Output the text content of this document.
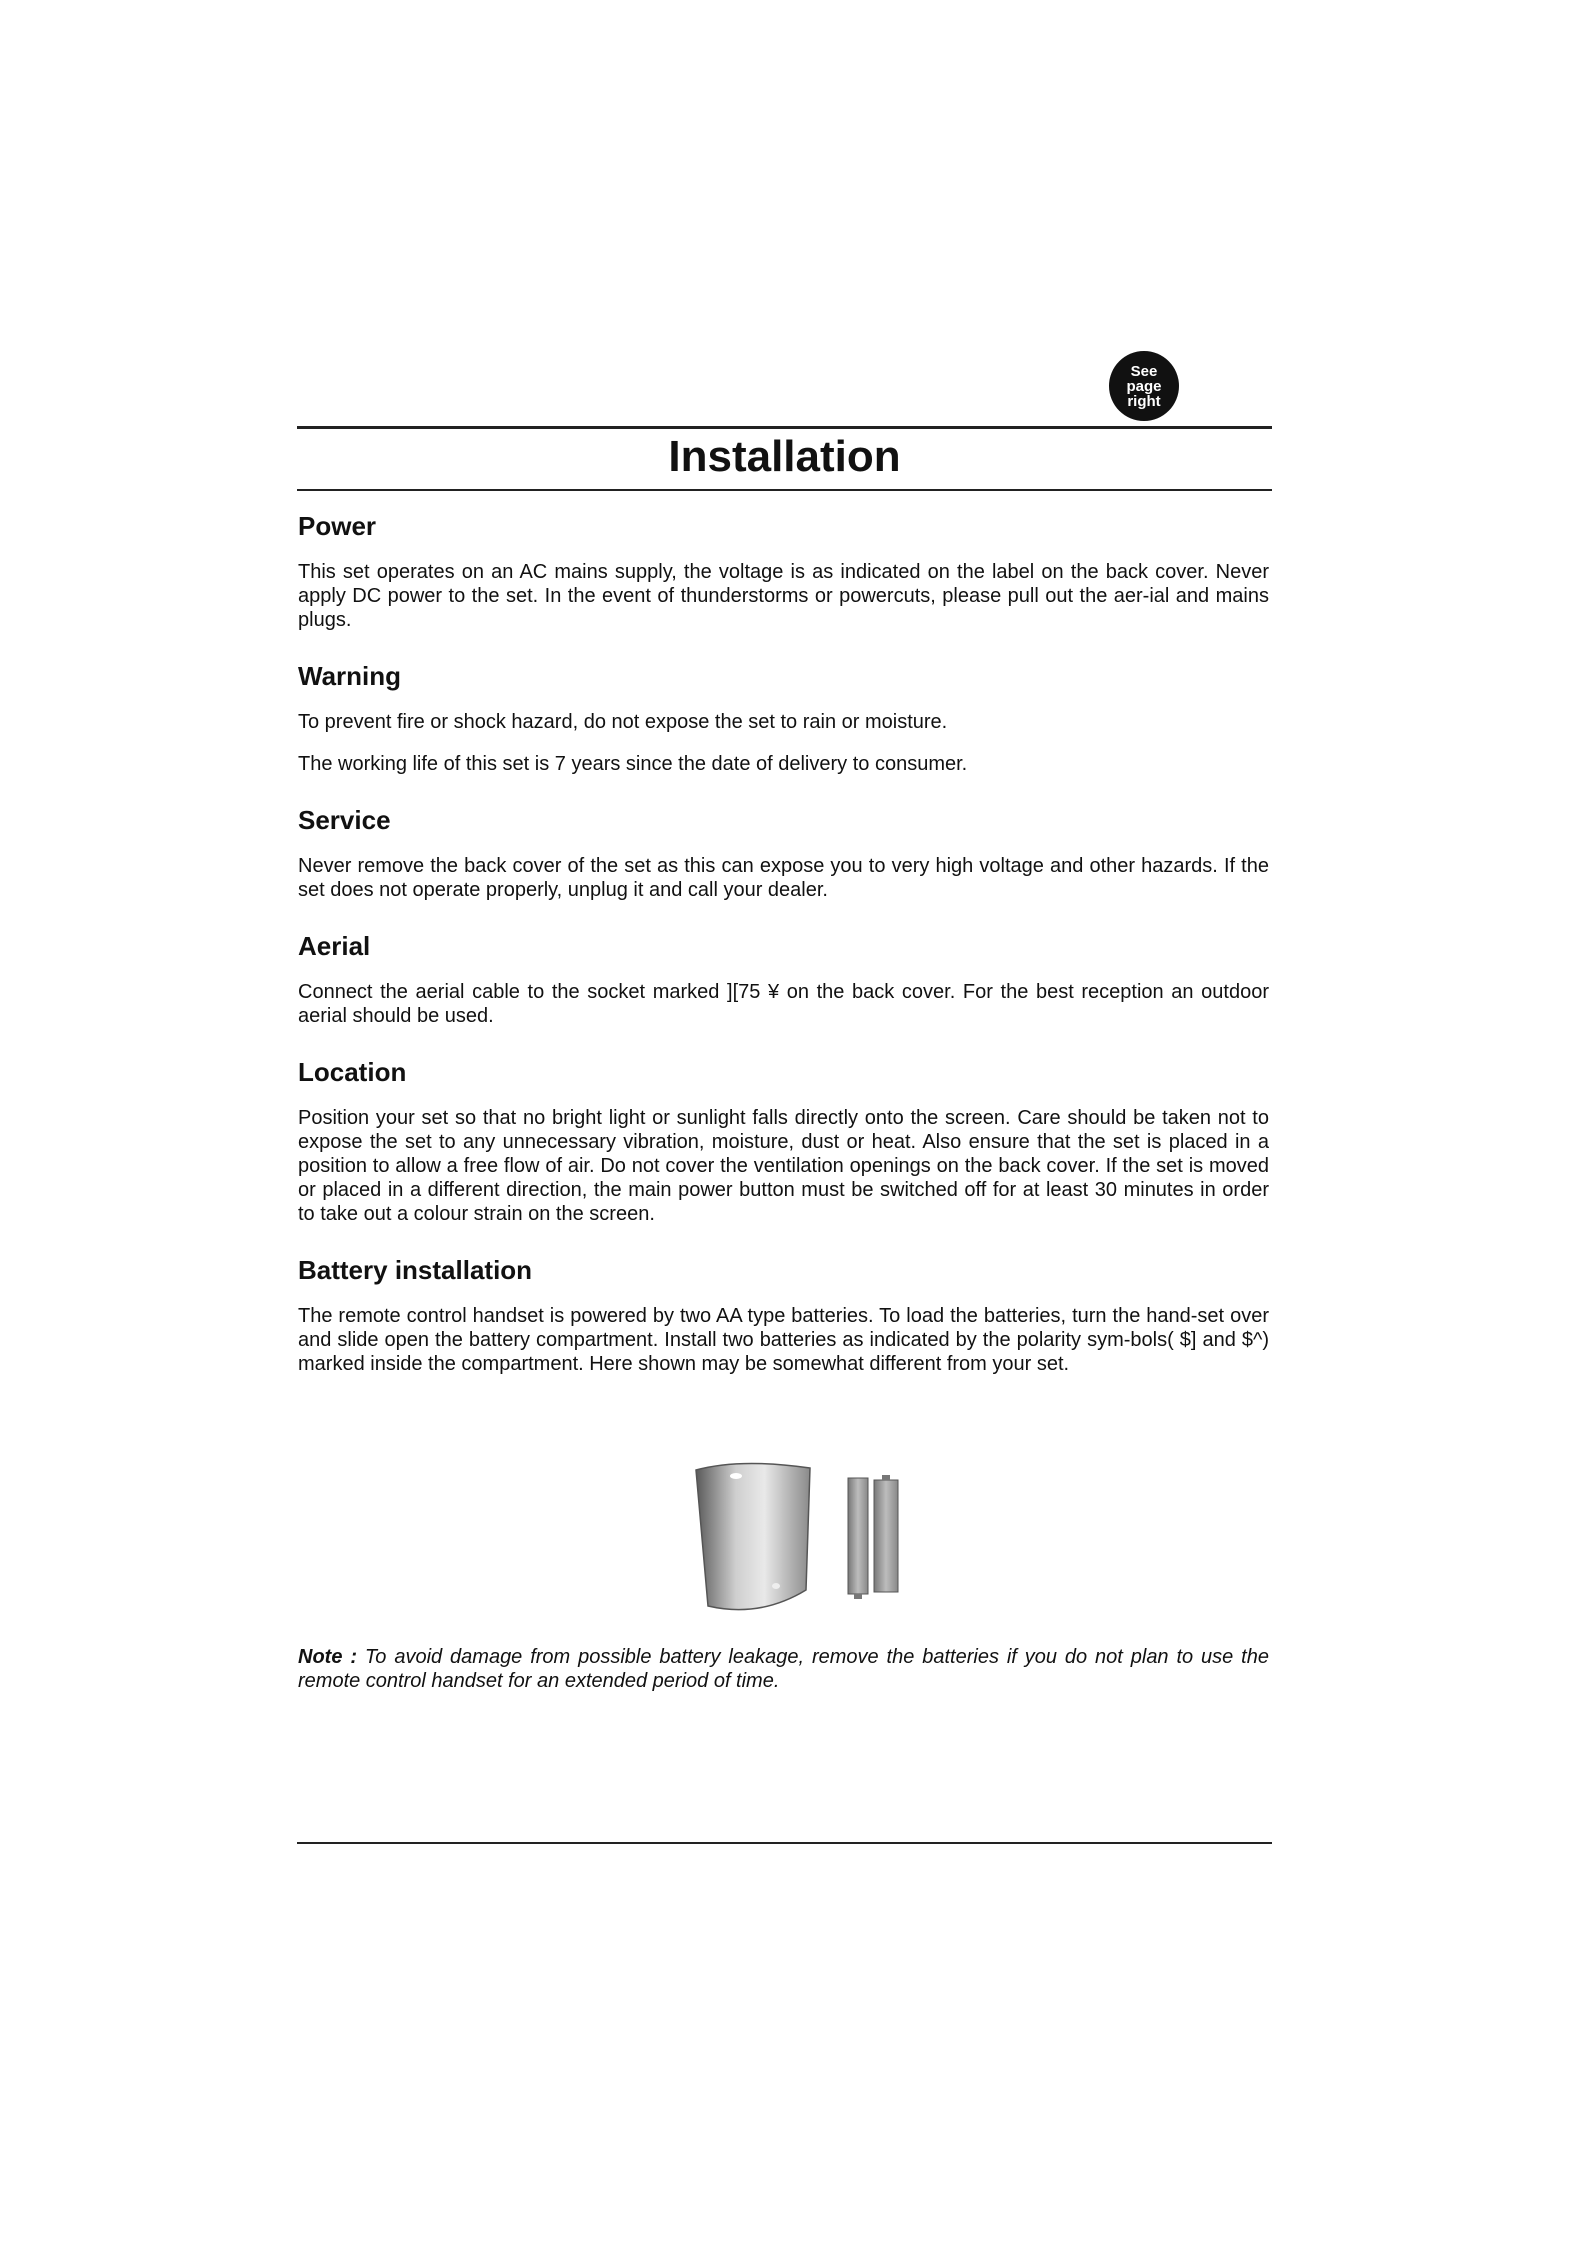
See
page
right
Installation
Power

This set operates on an AC mains supply, the voltage is as indicated on the label on the back cover. Never apply DC power to the set. In the event of thunderstorms or powercuts, please pull out the aer-ial and mains plugs.

Warning

To prevent fire or shock hazard, do not expose the set to rain or moisture.

The working life of this set is 7 years since the date of delivery to consumer.

Service

Never remove the back cover of the set as this can expose you to very high voltage and other hazards. If the set does not operate properly, unplug it and call your dealer.

Aerial

Connect the aerial cable to the socket marked ][75 ¥ on the back cover. For the best reception an outdoor aerial should be used.

Location

Position your set so that no bright light or sunlight falls directly onto the screen. Care should be taken not to expose the set to any unnecessary vibration, moisture, dust or heat. Also ensure that the set is placed in a position to allow a free flow of air. Do not cover the ventilation openings on the back cover. If the set is moved or placed in a different direction, the main power button must be switched off for at least 30 minutes in order to take out a colour strain on the screen.

Battery installation

The remote control handset is powered by two AA type batteries. To load the batteries, turn the hand-set over and slide open the battery compartment. Install two batteries as indicated by the polarity sym-bols( $] and $^) marked inside the compartment. Here shown may be somewhat different from your set.

Note : To avoid damage from possible battery leakage, remove the batteries if you do not plan to use the remote control handset for an extended period of time.
